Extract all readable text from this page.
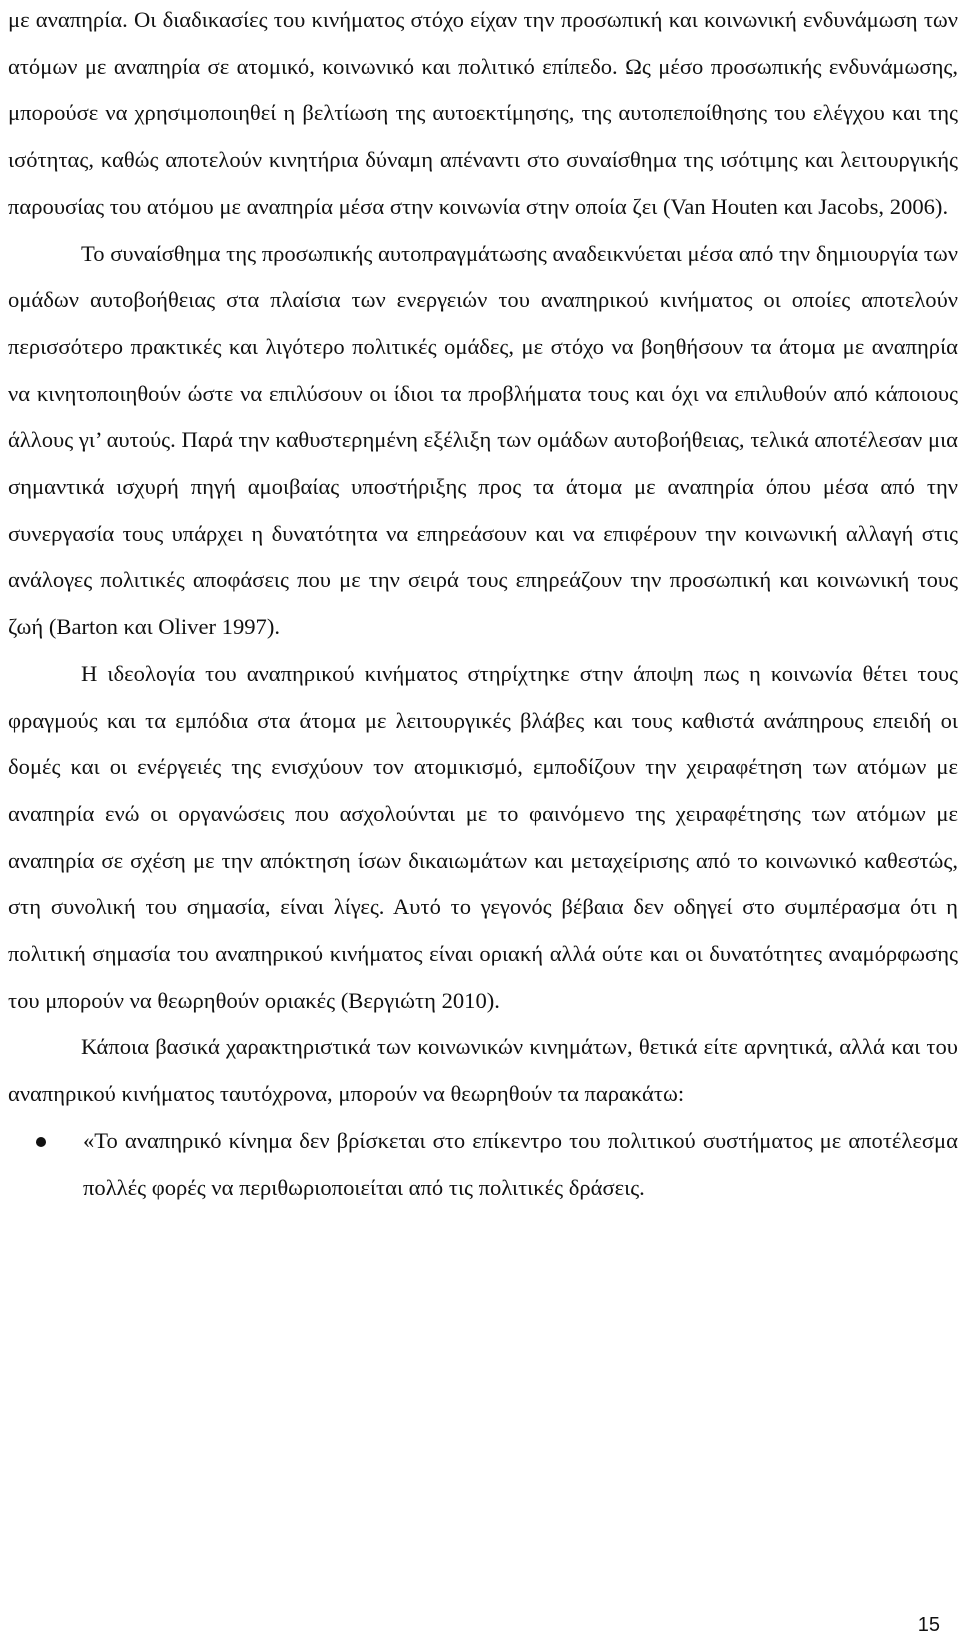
με αναπηρία. Οι διαδικασίες του κινήματος στόχο είχαν την προσωπική και κοινωνική ενδυνάμωση των ατόμων με αναπηρία σε ατομικό, κοινωνικό και πολιτικό επίπεδο. Ως μέσο προσωπικής ενδυνάμωσης, μπορούσε να χρησιμοποιηθεί η βελτίωση της αυτοεκτίμησης, της αυτοπεποίθησης του ελέγχου και της ισότητας, καθώς αποτελούν κινητήρια δύναμη απέναντι στο συναίσθημα της ισότιμης και λειτουργικής παρουσίας του ατόμου με αναπηρία μέσα στην κοινωνία στην οποία ζει (Van Houten και Jacobs, 2006).

Το συναίσθημα της προσωπικής αυτοπραγμάτωσης αναδεικνύεται μέσα από την δημιουργία των ομάδων αυτοβοήθειας στα πλαίσια των ενεργειών του αναπηρικού κινήματος οι οποίες αποτελούν περισσότερο πρακτικές και λιγότερο πολιτικές ομάδες, με στόχο να βοηθήσουν τα άτομα με αναπηρία να κινητοποιηθούν ώστε να επιλύσουν οι ίδιοι τα προβλήματα τους και όχι να επιλυθούν από κάποιους άλλους γι’ αυτούς. Παρά την καθυστερημένη εξέλιξη των ομάδων αυτοβοήθειας, τελικά αποτέλεσαν μια σημαντικά ισχυρή πηγή αμοιβαίας υποστήριξης προς τα άτομα με αναπηρία όπου μέσα από την συνεργασία τους υπάρχει η δυνατότητα να επηρεάσουν και να επιφέρουν την κοινωνική αλλαγή στις ανάλογες πολιτικές αποφάσεις που με την σειρά τους επηρεάζουν την προσωπική και κοινωνική τους ζωή (Barton και Oliver 1997).

Η ιδεολογία του αναπηρικού κινήματος στηρίχτηκε στην άποψη πως η κοινωνία θέτει τους φραγμούς και τα εμπόδια στα άτομα με λειτουργικές βλάβες και τους καθιστά ανάπηρους επειδή οι δομές και οι ενέργειές της ενισχύουν τον ατομικισμό, εμποδίζουν την χειραφέτηση των ατόμων με αναπηρία ενώ οι οργανώσεις που ασχολούνται με το φαινόμενο της χειραφέτησης των ατόμων με αναπηρία σε σχέση με την απόκτηση ίσων δικαιωμάτων και μεταχείρισης από το κοινωνικό καθεστώς, στη συνολική του σημασία, είναι λίγες. Αυτό το γεγονός βέβαια δεν οδηγεί στο συμπέρασμα ότι η πολιτική σημασία του αναπηρικού κινήματος είναι οριακή αλλά ούτε και οι δυνατότητες αναμόρφωσης του μπορούν να θεωρηθούν οριακές (Βεργιώτη 2010).

Κάποια βασικά χαρακτηριστικά των κοινωνικών κινημάτων, θετικά είτε αρνητικά, αλλά και του αναπηρικού κινήματος ταυτόχρονα, μπορούν να θεωρηθούν τα παρακάτω:

«Το αναπηρικό κίνημα δεν βρίσκεται στο επίκεντρο του πολιτικού συστήματος με αποτέλεσμα πολλές φορές να περιθωριοποιείται από τις πολιτικές δράσεις.
15
